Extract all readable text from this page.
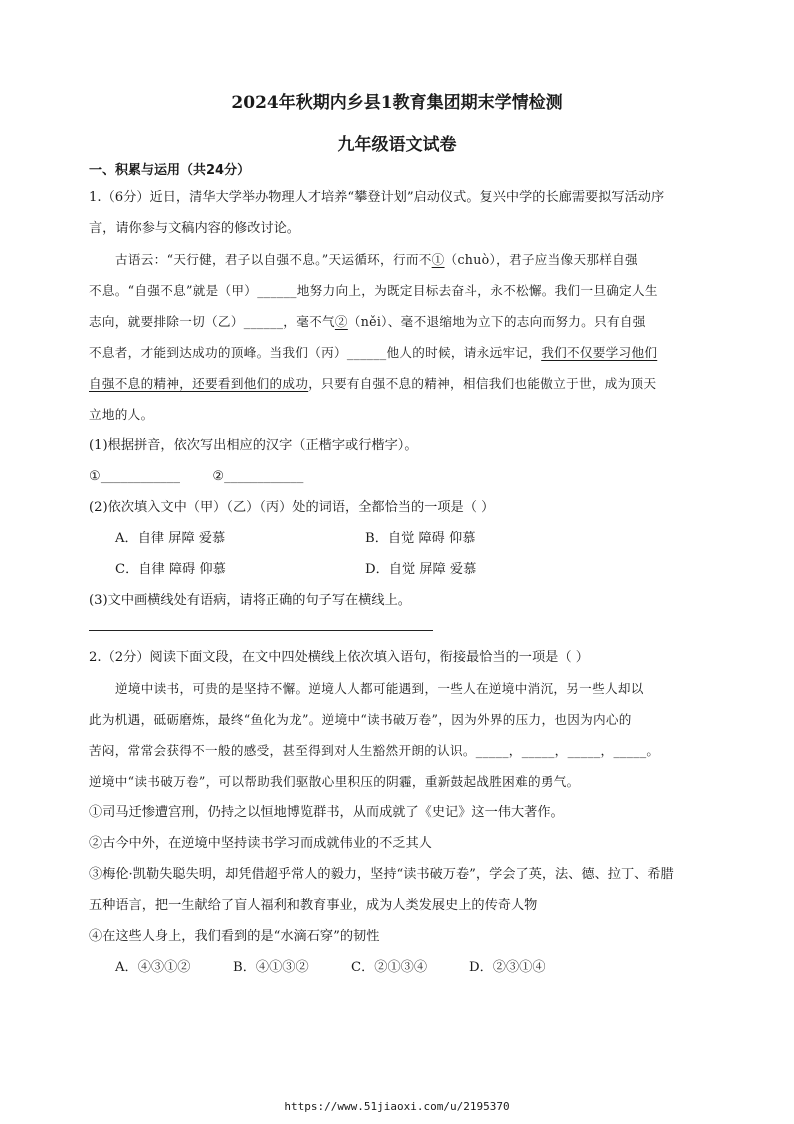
2024年秋期内乡县1教育集团期末学情检测
九年级语文试卷
一、积累与运用（共24分）
1.（6分）近日，清华大学举办物理人才培养“攀登计划”启动仪式。复兴中学的长廊需要拟写活动序
言，请你参与文稿内容的修改讨论。
古语云：“天行健，君子以自强不息。”天运循环，行而不①（chuò），君子应当像天那样自强
不息。“自强不息”就是（甲）______地努力向上，为既定目标去奋斗，永不松懈。我们一旦确定人生
志向，就要排除一切（乙）______，毫不气②（něi）、毫不退缩地为立下的志向而努力。只有自强
不息者，才能到达成功的顶峰。当我们（丙）______他人的时候，请永远牢记，我们不仅要学习他们
自强不息的精神，还要看到他们的成功，只要有自强不息的精神，相信我们也能傲立于世，成为顶天
立地的人。
(1)根据拼音，依次写出相应的汉字（正楷字或行楷字）。
①____________ ②____________
(2)依次填入文中（甲）（乙）（丙）处的词语，全都恰当的一项是（ ）
A．自律 屏障 爱慕	B．自觉 障碍 仰慕
C．自律 障碍 仰慕	D．自觉 屏障 爱慕
(3)文中画横线处有语病，请将正确的句子写在横线上。
2.（2分）阅读下面文段，在文中四处横线上依次填入语句，衔接最恰当的一项是（ ）
逆境中读书，可贵的是坚持不懈。逆境人人都可能遇到，一些人在逆境中消沉，另一些人却以
此为机遇，砥砺磨炼，最终“鱼化为龙”。逆境中“读书破万卷”，因为外界的压力，也因为内心的
苦闷，常常会获得不一般的感受，甚至得到对人生豁然开朗的认识。_____，_____，_____，_____。
逆境中“读书破万卷”，可以帮助我们驱散心里积压的阴霾，重新鼓起战胜困难的勇气。
①司马迁惨遭宫刑，仍持之以恒地博览群书，从而成就了《史记》这一伟大著作。
②古今中外，在逆境中坚持读书学习而成就伟业的不乏其人
③梅伦·凯勒失聪失明，却凭借超乎常人的毅力，坚持“读书破万卷”，学会了英，法、德、拉丁、希腊
五种语言，把一生献给了盲人福利和教育事业，成为人类发展史上的传奇人物
④在这些人身上，我们看到的是“水滴石穿”的韧性
A．④③①②	B．④①③②	C．②①③④	D．②③①④
https://www.51jiaoxi.com/u/2195370
